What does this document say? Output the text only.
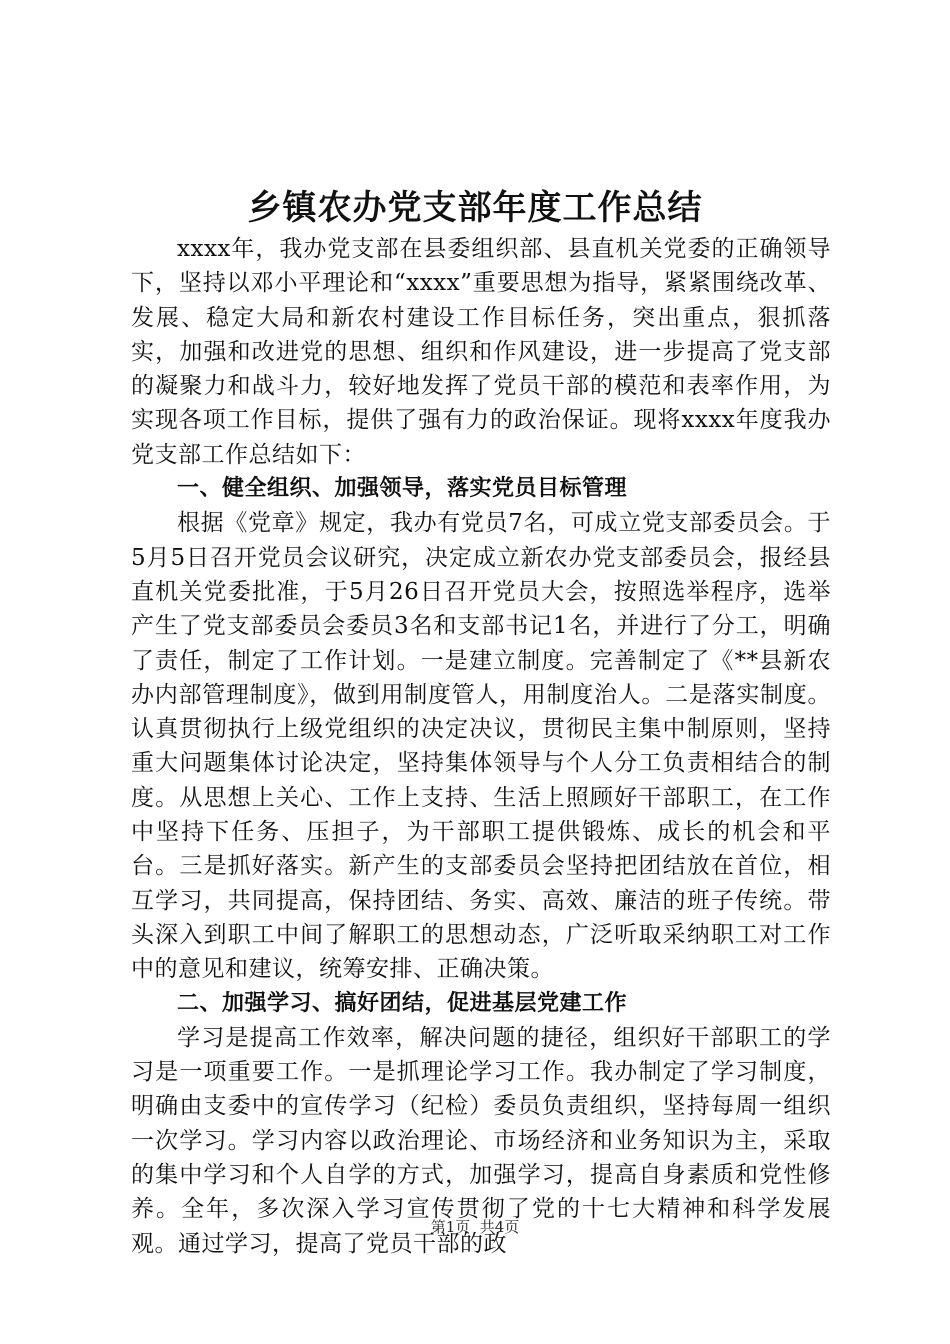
乡镇农办党支部年度工作总结

xxxx年，我办党支部在县委组织部、县直机关党委的正确领导下，坚持以邓小平理论和“xxxx”重要思想为指导，紧紧围绕改革、发展、稳定大局和新农村建设工作目标任务，突出重点，狠抓落实，加强和改进党的思想、组织和作风建设，进一步提高了党支部的凝聚力和战斗力，较好地发挥了党员干部的模范和表率作用，为实现各项工作目标，提供了强有力的政治保证。现将xxxx年度我办党支部工作总结如下：

一、健全组织、加强领导，落实党员目标管理

根据《党章》规定，我办有党员7名，可成立党支部委员会。于5月5日召开党员会议研究，决定成立新农办党支部委员会，报经县直机关党委批准，于5月26日召开党员大会，按照选举程序，选举产生了党支部委员会委员3名和支部书记1名，并进行了分工，明确了责任，制定了工作计划。一是建立制度。完善制定了《**县新农办内部管理制度》，做到用制度管人，用制度治人。二是落实制度。认真贯彻执行上级党组织的决定决议，贯彻民主集中制原则，坚持重大问题集体讨论决定，坚持集体领导与个人分工负责相结合的制度。从思想上关心、工作上支持、生活上照顾好干部职工，在工作中坚持下任务、压担子，为干部职工提供锻炼、成长的机会和平台。三是抓好落实。新产生的支部委员会坚持把团结放在首位，相互学习，共同提高，保持团结、务实、高效、廉洁的班子传统。带头深入到职工中间了解职工的思想动态，广泛听取采纳职工对工作中的意见和建议，统筹安排、正确决策。

二、加强学习、搞好团结，促进基层党建工作

学习是提高工作效率，解决问题的捷径，组织好干部职工的学习是一项重要工作。一是抓理论学习工作。我办制定了学习制度，明确由支委中的宣传学习（纪检）委员负责组织，坚持每周一组织一次学习。学习内容以政治理论、市场经济和业务知识为主，采取的集中学习和个人自学的方式，加强学习，提高自身素质和党性修养。全年，多次深入学习宣传贯彻了党的十七大精神和科学发展观。通过学习，提高了党员干部的政

第1页  共4页
